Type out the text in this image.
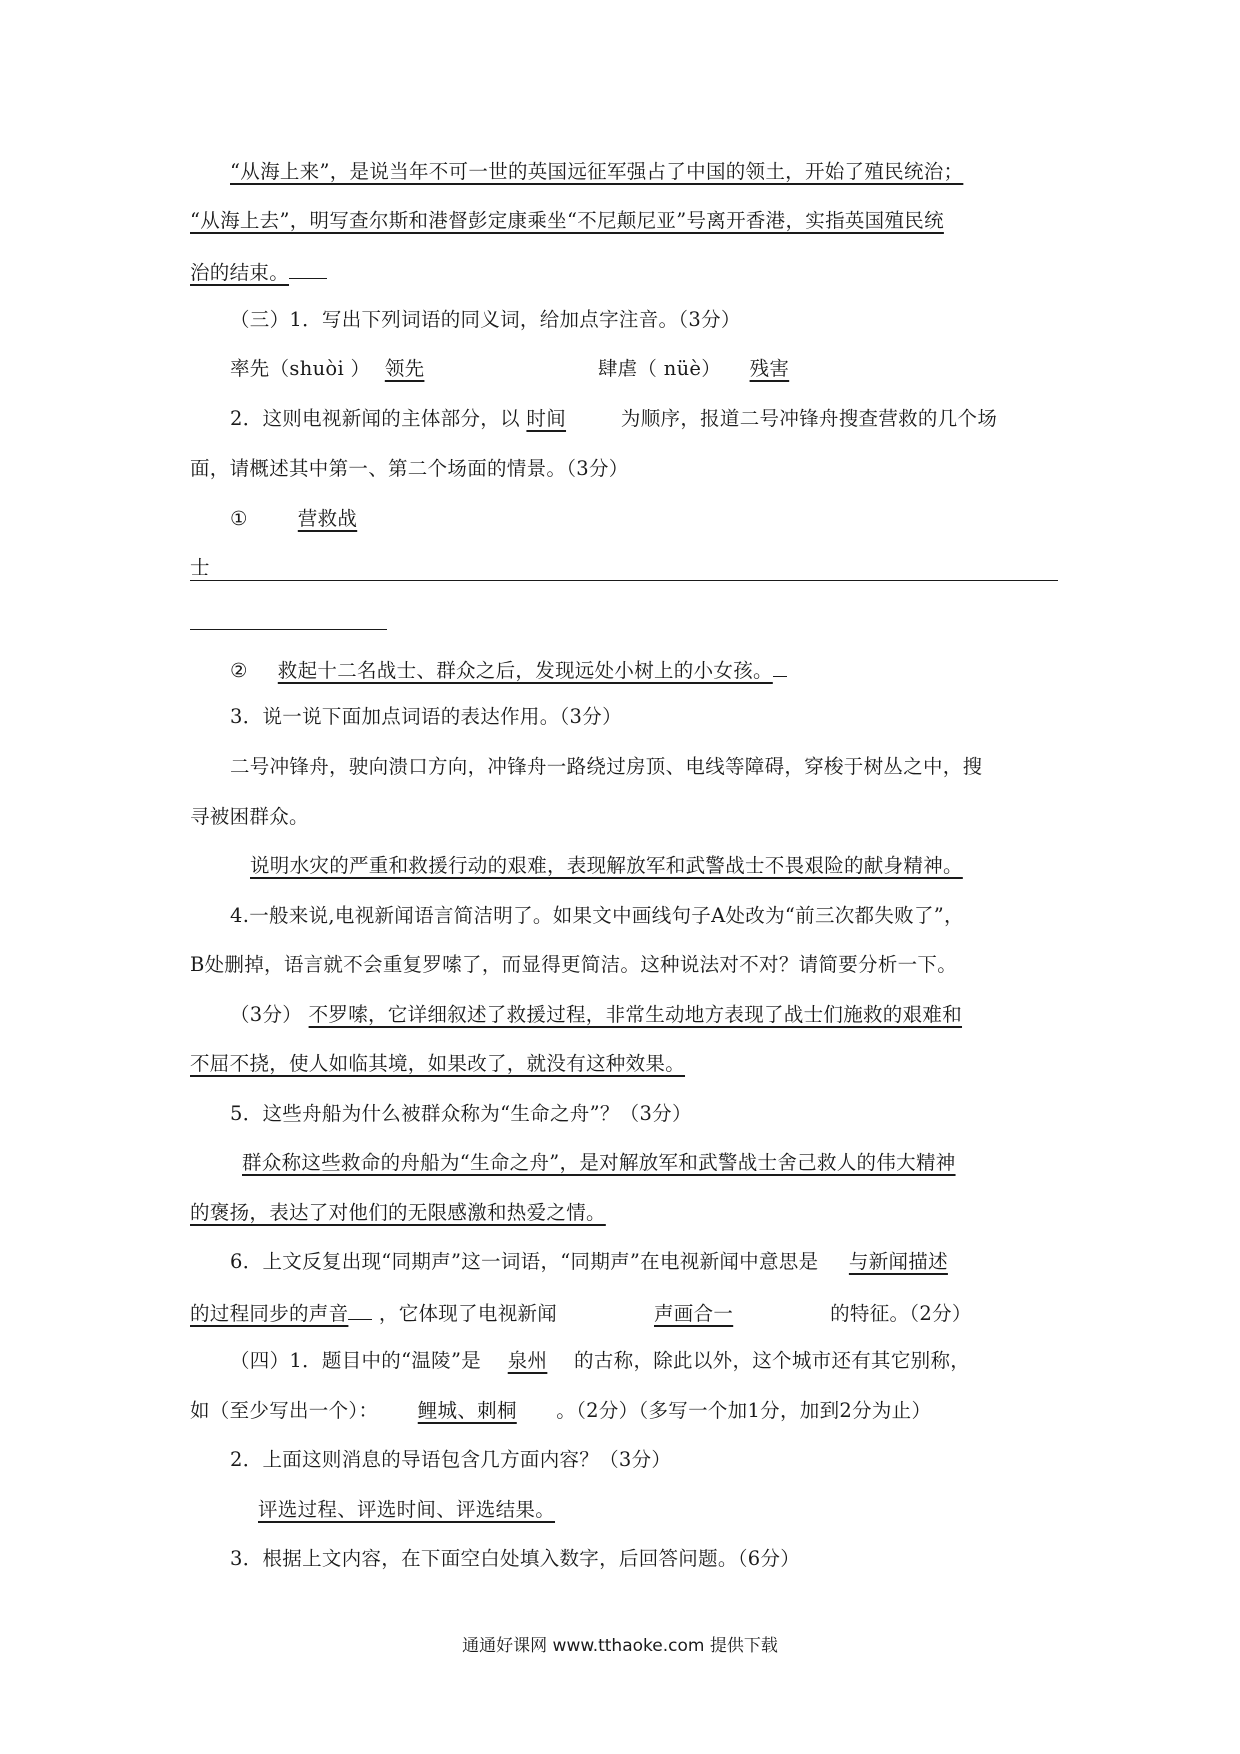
“从海上来”，是说当年不可一世的英国远征军强占了中国的领土，开始了殖民统治；
“从海上去”，明写查尔斯和港督彭定康乘坐“不尼颠尼亚”号离开香港，实指英国殖民统
治的结束。
（三）1．写出下列词语的同义词，给加点字注音。（3分）
率先（shuòi ） 领先	肆虐（ nüè） 残害
2．这则电视新闻的主体部分，以 时间	为顺序，报道二号冲锋舟搜查营救的几个场
面，请概述其中第一、第二个场面的情景。（3分）
①	营救战
士
② 救起十二名战士、群众之后，发现远处小树上的小女孩。
3．说一说下面加点词语的表达作用。（3分）
二号冲锋舟，驶向溃口方向，冲锋舟一路绕过房顶、电线等障碍，穿梭于树丛之中，搜
寻被困群众。
说明水灾的严重和救援行动的艰难，表现解放军和武警战士不畏艰险的献身精神。
4.一般来说,电视新闻语言简洁明了。如果文中画线句子A处改为“前三次都失败了”，
B处删掉，语言就不会重复罗嗦了，而显得更简洁。这种说法对不对？请简要分析一下。
（3分） 不罗嗦，它详细叙述了救援过程，非常生动地方表现了战士们施救的艰难和
不屈不挠，使人如临其境，如果改了，就没有这种效果。
5．这些舟船为什么被群众称为“生命之舟”？（3分）
群众称这些救命的舟船为“生命之舟”，是对解放军和武警战士舍己救人的伟大精神
的褒扬，表达了对他们的无限感激和热爱之情。
6．上文反复出现“同期声”这一词语，“同期声”在电视新闻中意思是 与新闻描述
的过程同步的声音 ，它体现了电视新闻	声画合一	的特征。（2分）
（四）1．题目中的“温陵”是 泉州 的古称，除此以外，这个城市还有其它别称，
如（至少写出一个）： 鲤城、刺桐 。（2分）（多写一个加1分，加到2分为止）
2．上面这则消息的导语包含几方面内容？（3分）
评选过程、评选时间、评选结果。
3．根据上文内容，在下面空白处填入数字，后回答问题。（6分）
通通好课网 www.tthaoke.com 提供下载
